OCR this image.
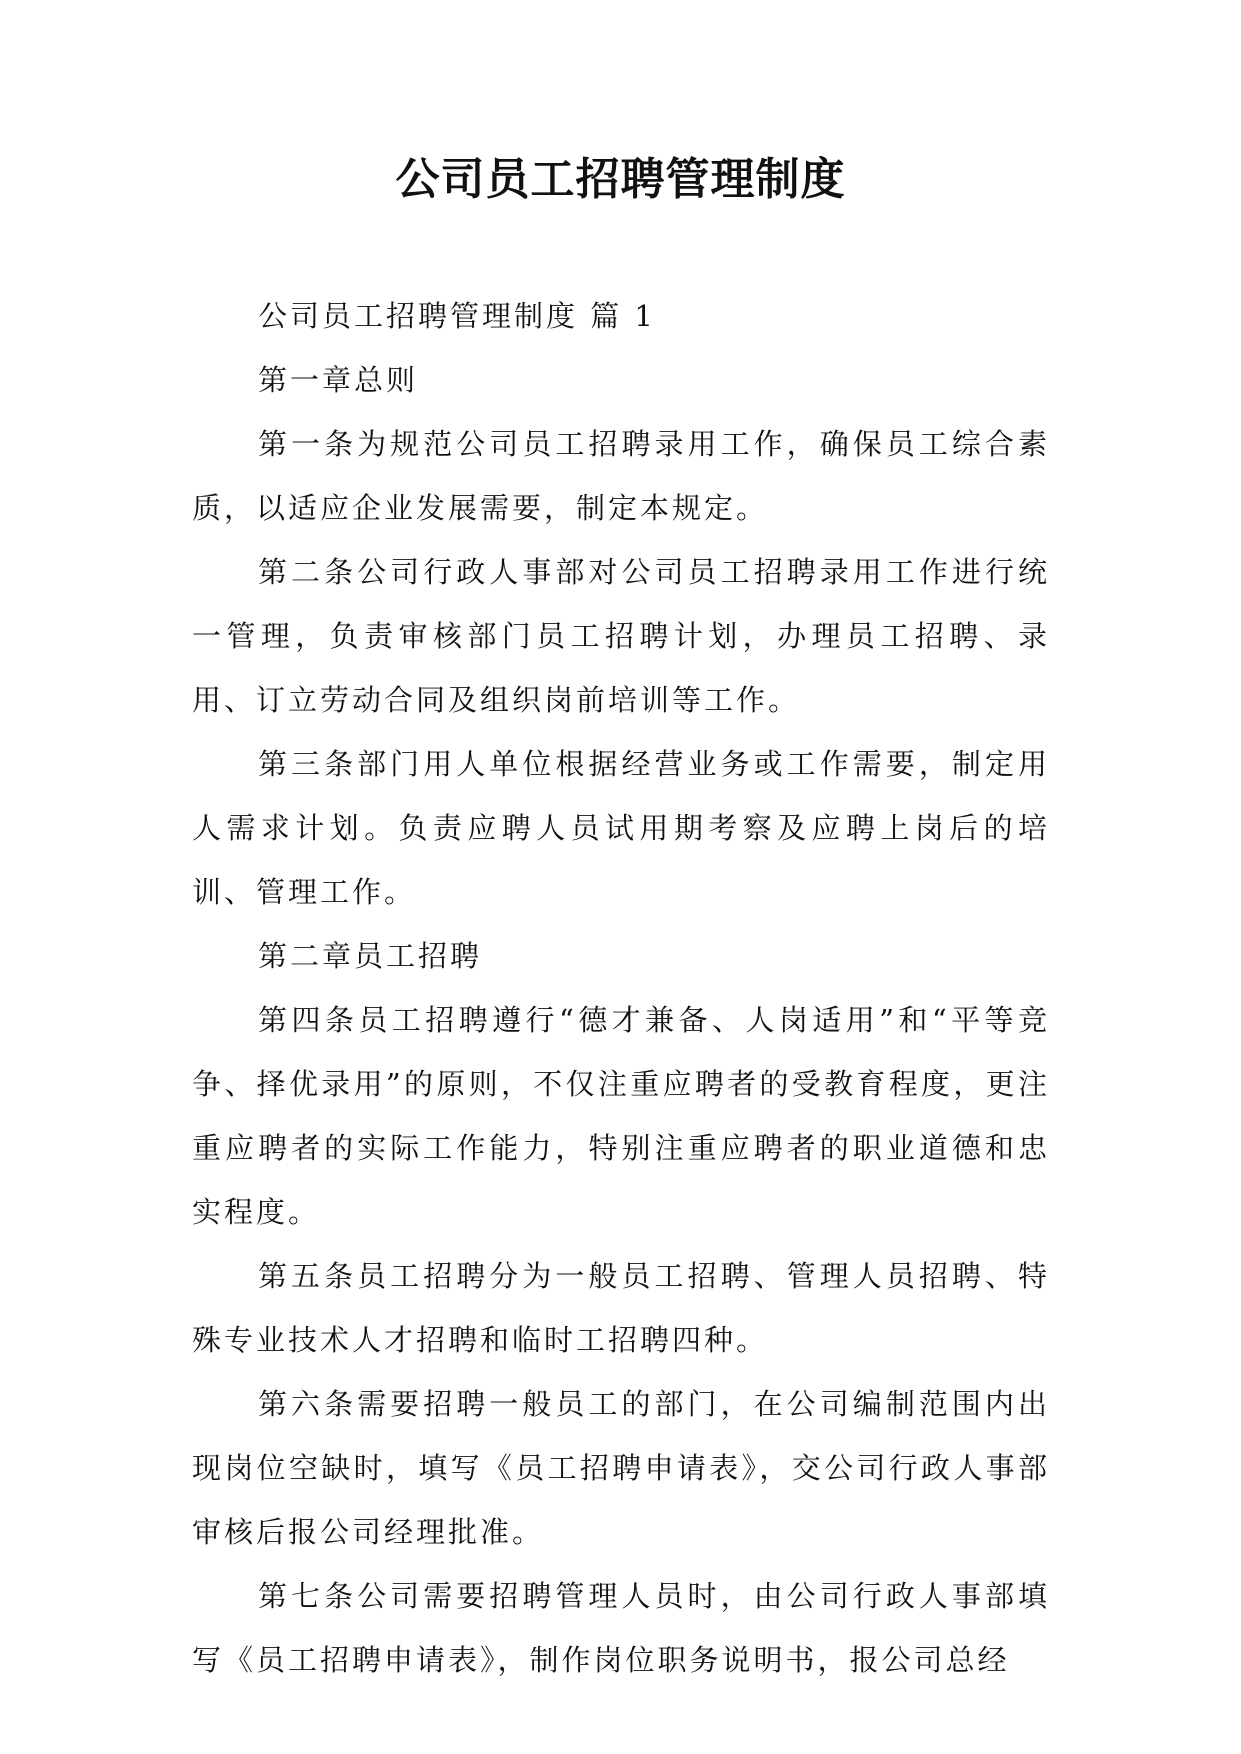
公司员工招聘管理制度

公司员工招聘管理制度 篇 1

第一章总则

第一条为规范公司员工招聘录用工作，确保员工综合素质，以适应企业发展需要，制定本规定。

第二条公司行政人事部对公司员工招聘录用工作进行统一管理，负责审核部门员工招聘计划，办理员工招聘、录用、订立劳动合同及组织岗前培训等工作。

第三条部门用人单位根据经营业务或工作需要，制定用人需求计划。负责应聘人员试用期考察及应聘上岗后的培训、管理工作。

第二章员工招聘

第四条员工招聘遵行“德才兼备、人岗适用”和“平等竞争、择优录用”的原则，不仅注重应聘者的受教育程度，更注重应聘者的实际工作能力，特别注重应聘者的职业道德和忠实程度。

第五条员工招聘分为一般员工招聘、管理人员招聘、特殊专业技术人才招聘和临时工招聘四种。

第六条需要招聘一般员工的部门，在公司编制范围内出现岗位空缺时，填写《员工招聘申请表》，交公司行政人事部审核后报公司经理批准。

第七条公司需要招聘管理人员时，由公司行政人事部填写《员工招聘申请表》，制作岗位职务说明书，报公司总经
